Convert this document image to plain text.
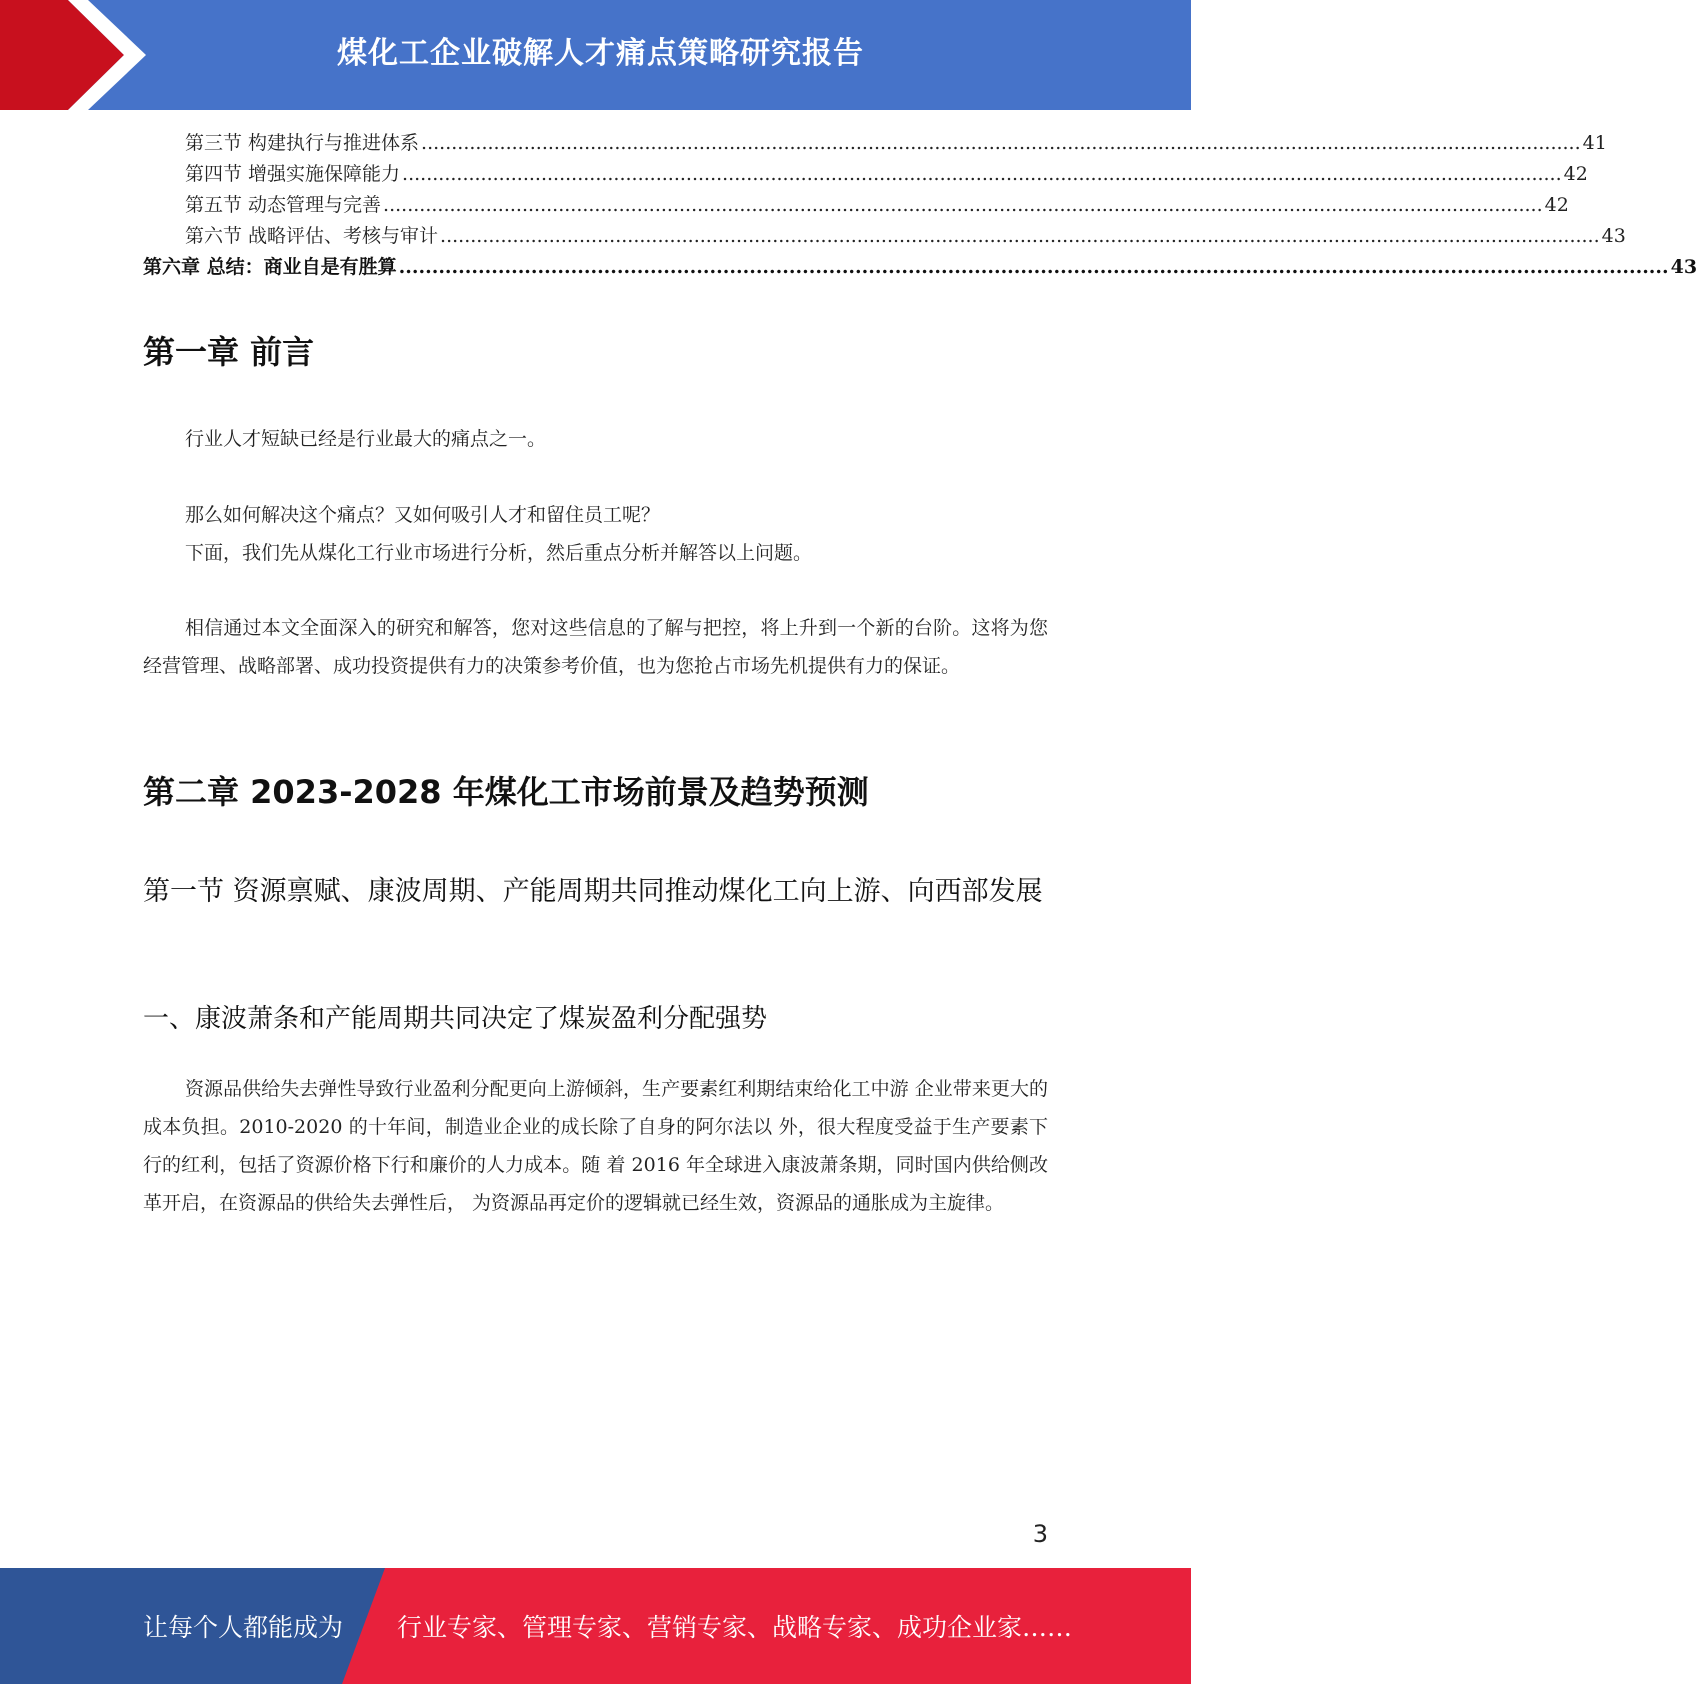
煤化工企业破解人才痛点策略研究报告
第三节 构建执行与推进体系 ................................................................................................................................................................................................ 41
第四节 增强实施保障能力 ................................................................................................................................................................................................ 42
第五节 动态管理与完善 ................................................................................................................................................................................................ 42
第六节 战略评估、考核与审计 ................................................................................................................................................................................................ 43
第六章 总结：商业自是有胜算 ................................................................................................................................................................................................ 43
第一章 前言

行业人才短缺已经是行业最大的痛点之一。

那么如何解决这个痛点？又如何吸引人才和留住员工呢？

下面，我们先从煤化工行业市场进行分析，然后重点分析并解答以上问题。

相信通过本文全面深入的研究和解答，您对这些信息的了解与把控，将上升到一个新的台阶。这将为您经营管理、战略部署、成功投资提供有力的决策参考价值，也为您抢占市场先机提供有力的保证。

第二章 2023-2028 年煤化工市场前景及趋势预测
第一节 资源禀赋、康波周期、产能周期共同推动煤化工向上游、向西部发展
一、康波萧条和产能周期共同决定了煤炭盈利分配强势

资源品供给失去弹性导致行业盈利分配更向上游倾斜，生产要素红利期结束给化工中游 企业带来更大的成本负担。2010-2020 的十年间，制造业企业的成长除了自身的阿尔法以 外，很大程度受益于生产要素下行的红利，包括了资源价格下行和廉价的人力成本。随 着 2016 年全球进入康波萧条期，同时国内供给侧改革开启，在资源品的供给失去弹性后， 为资源品再定价的逻辑就已经生效，资源品的通胀成为主旋律。

3
让每个人都能成为 行业专家、管理专家、营销专家、战略专家、成功企业家……
